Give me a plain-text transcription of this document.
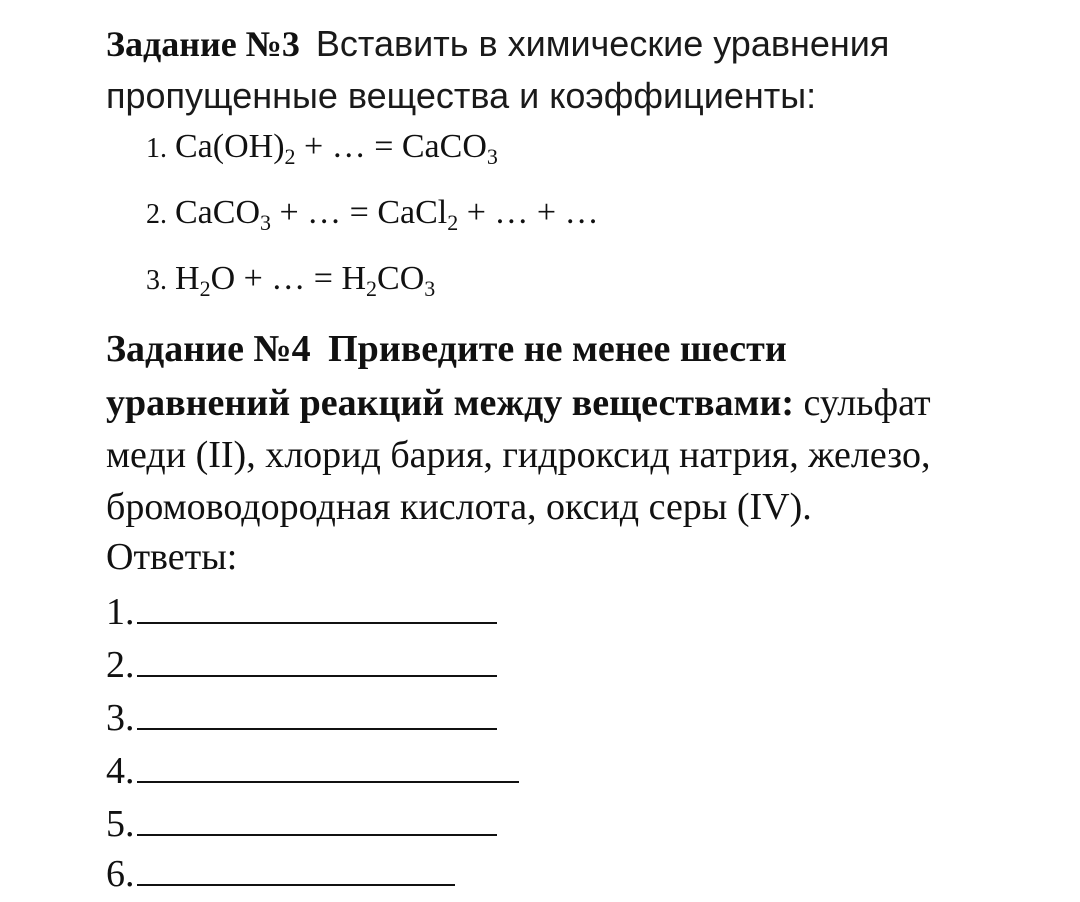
Задание №3 Вставить в химические уравнения
пропущенные вещества и коэффициенты:
1. $Ca(OH)_2$ + … = CaCO$_3$
2. CaCO$_3$ + … = CaCl$_2$ + … + …
3. $H_2O$ + … = $H_2CO_3$
Задание №4 Приведите не менее шести
уравнений реакций между веществами: сульфат
меди (II), хлорид бария, гидроксид натрия, железо,
бромоводородная кислота, оксид серы (IV).
Ответы:
1.
2.
3.
4.
5.
6.
